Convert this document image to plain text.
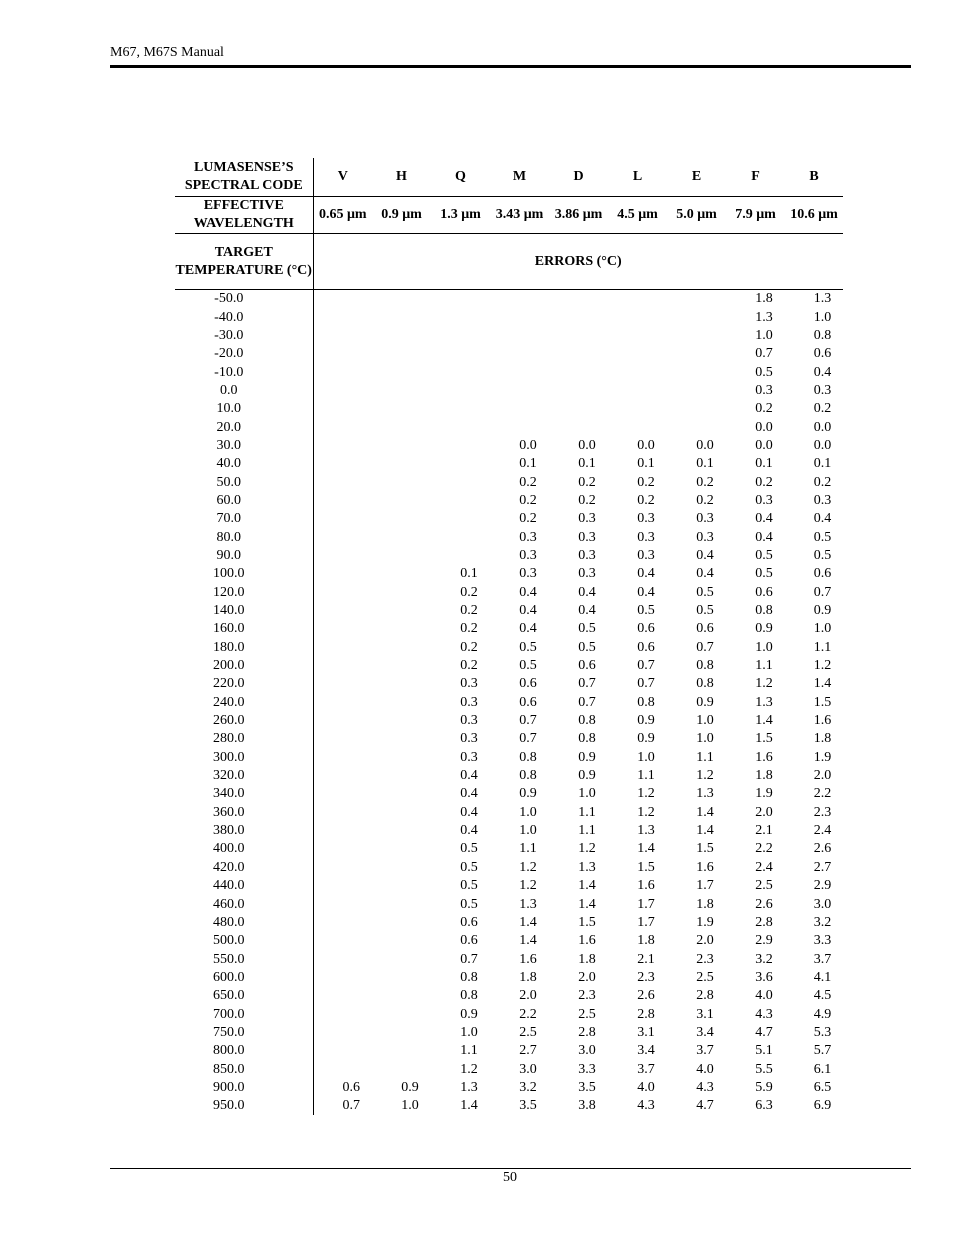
M67, M67S Manual
LUMASENSE’S SPECTRAL CODE	V	H	Q	M	D	L	E	F	B
EFFECTIVE WAVELENGTH	0.65 μm	0.9 μm	1.3 μm	3.43 μm	3.86 μm	4.5 μm	5.0 μm	7.9 μm	10.6 μm
TARGET TEMPERATURE (°C)	ERRORS (°C)								
-50.0								1.8	1.3
-40.0								1.3	1.0
-30.0								1.0	0.8
-20.0								0.7	0.6
-10.0								0.5	0.4
0.0								0.3	0.3
10.0								0.2	0.2
20.0								0.0	0.0
30.0				0.0	0.0	0.0	0.0	0.0	0.0
40.0				0.1	0.1	0.1	0.1	0.1	0.1
50.0				0.2	0.2	0.2	0.2	0.2	0.2
60.0				0.2	0.2	0.2	0.2	0.3	0.3
70.0				0.2	0.3	0.3	0.3	0.4	0.4
80.0				0.3	0.3	0.3	0.3	0.4	0.5
90.0				0.3	0.3	0.3	0.4	0.5	0.5
100.0			0.1	0.3	0.3	0.4	0.4	0.5	0.6
120.0			0.2	0.4	0.4	0.4	0.5	0.6	0.7
140.0			0.2	0.4	0.4	0.5	0.5	0.8	0.9
160.0			0.2	0.4	0.5	0.6	0.6	0.9	1.0
180.0			0.2	0.5	0.5	0.6	0.7	1.0	1.1
200.0			0.2	0.5	0.6	0.7	0.8	1.1	1.2
220.0			0.3	0.6	0.7	0.7	0.8	1.2	1.4
240.0			0.3	0.6	0.7	0.8	0.9	1.3	1.5
260.0			0.3	0.7	0.8	0.9	1.0	1.4	1.6
280.0			0.3	0.7	0.8	0.9	1.0	1.5	1.8
300.0			0.3	0.8	0.9	1.0	1.1	1.6	1.9
320.0			0.4	0.8	0.9	1.1	1.2	1.8	2.0
340.0			0.4	0.9	1.0	1.2	1.3	1.9	2.2
360.0			0.4	1.0	1.1	1.2	1.4	2.0	2.3
380.0			0.4	1.0	1.1	1.3	1.4	2.1	2.4
400.0			0.5	1.1	1.2	1.4	1.5	2.2	2.6
420.0			0.5	1.2	1.3	1.5	1.6	2.4	2.7
440.0			0.5	1.2	1.4	1.6	1.7	2.5	2.9
460.0			0.5	1.3	1.4	1.7	1.8	2.6	3.0
480.0			0.6	1.4	1.5	1.7	1.9	2.8	3.2
500.0			0.6	1.4	1.6	1.8	2.0	2.9	3.3
550.0			0.7	1.6	1.8	2.1	2.3	3.2	3.7
600.0			0.8	1.8	2.0	2.3	2.5	3.6	4.1
650.0			0.8	2.0	2.3	2.6	2.8	4.0	4.5
700.0			0.9	2.2	2.5	2.8	3.1	4.3	4.9
750.0			1.0	2.5	2.8	3.1	3.4	4.7	5.3
800.0			1.1	2.7	3.0	3.4	3.7	5.1	5.7
850.0			1.2	3.0	3.3	3.7	4.0	5.5	6.1
900.0	0.6	0.9	1.3	3.2	3.5	4.0	4.3	5.9	6.5
950.0	0.7	1.0	1.4	3.5	3.8	4.3	4.7	6.3	6.9
50
